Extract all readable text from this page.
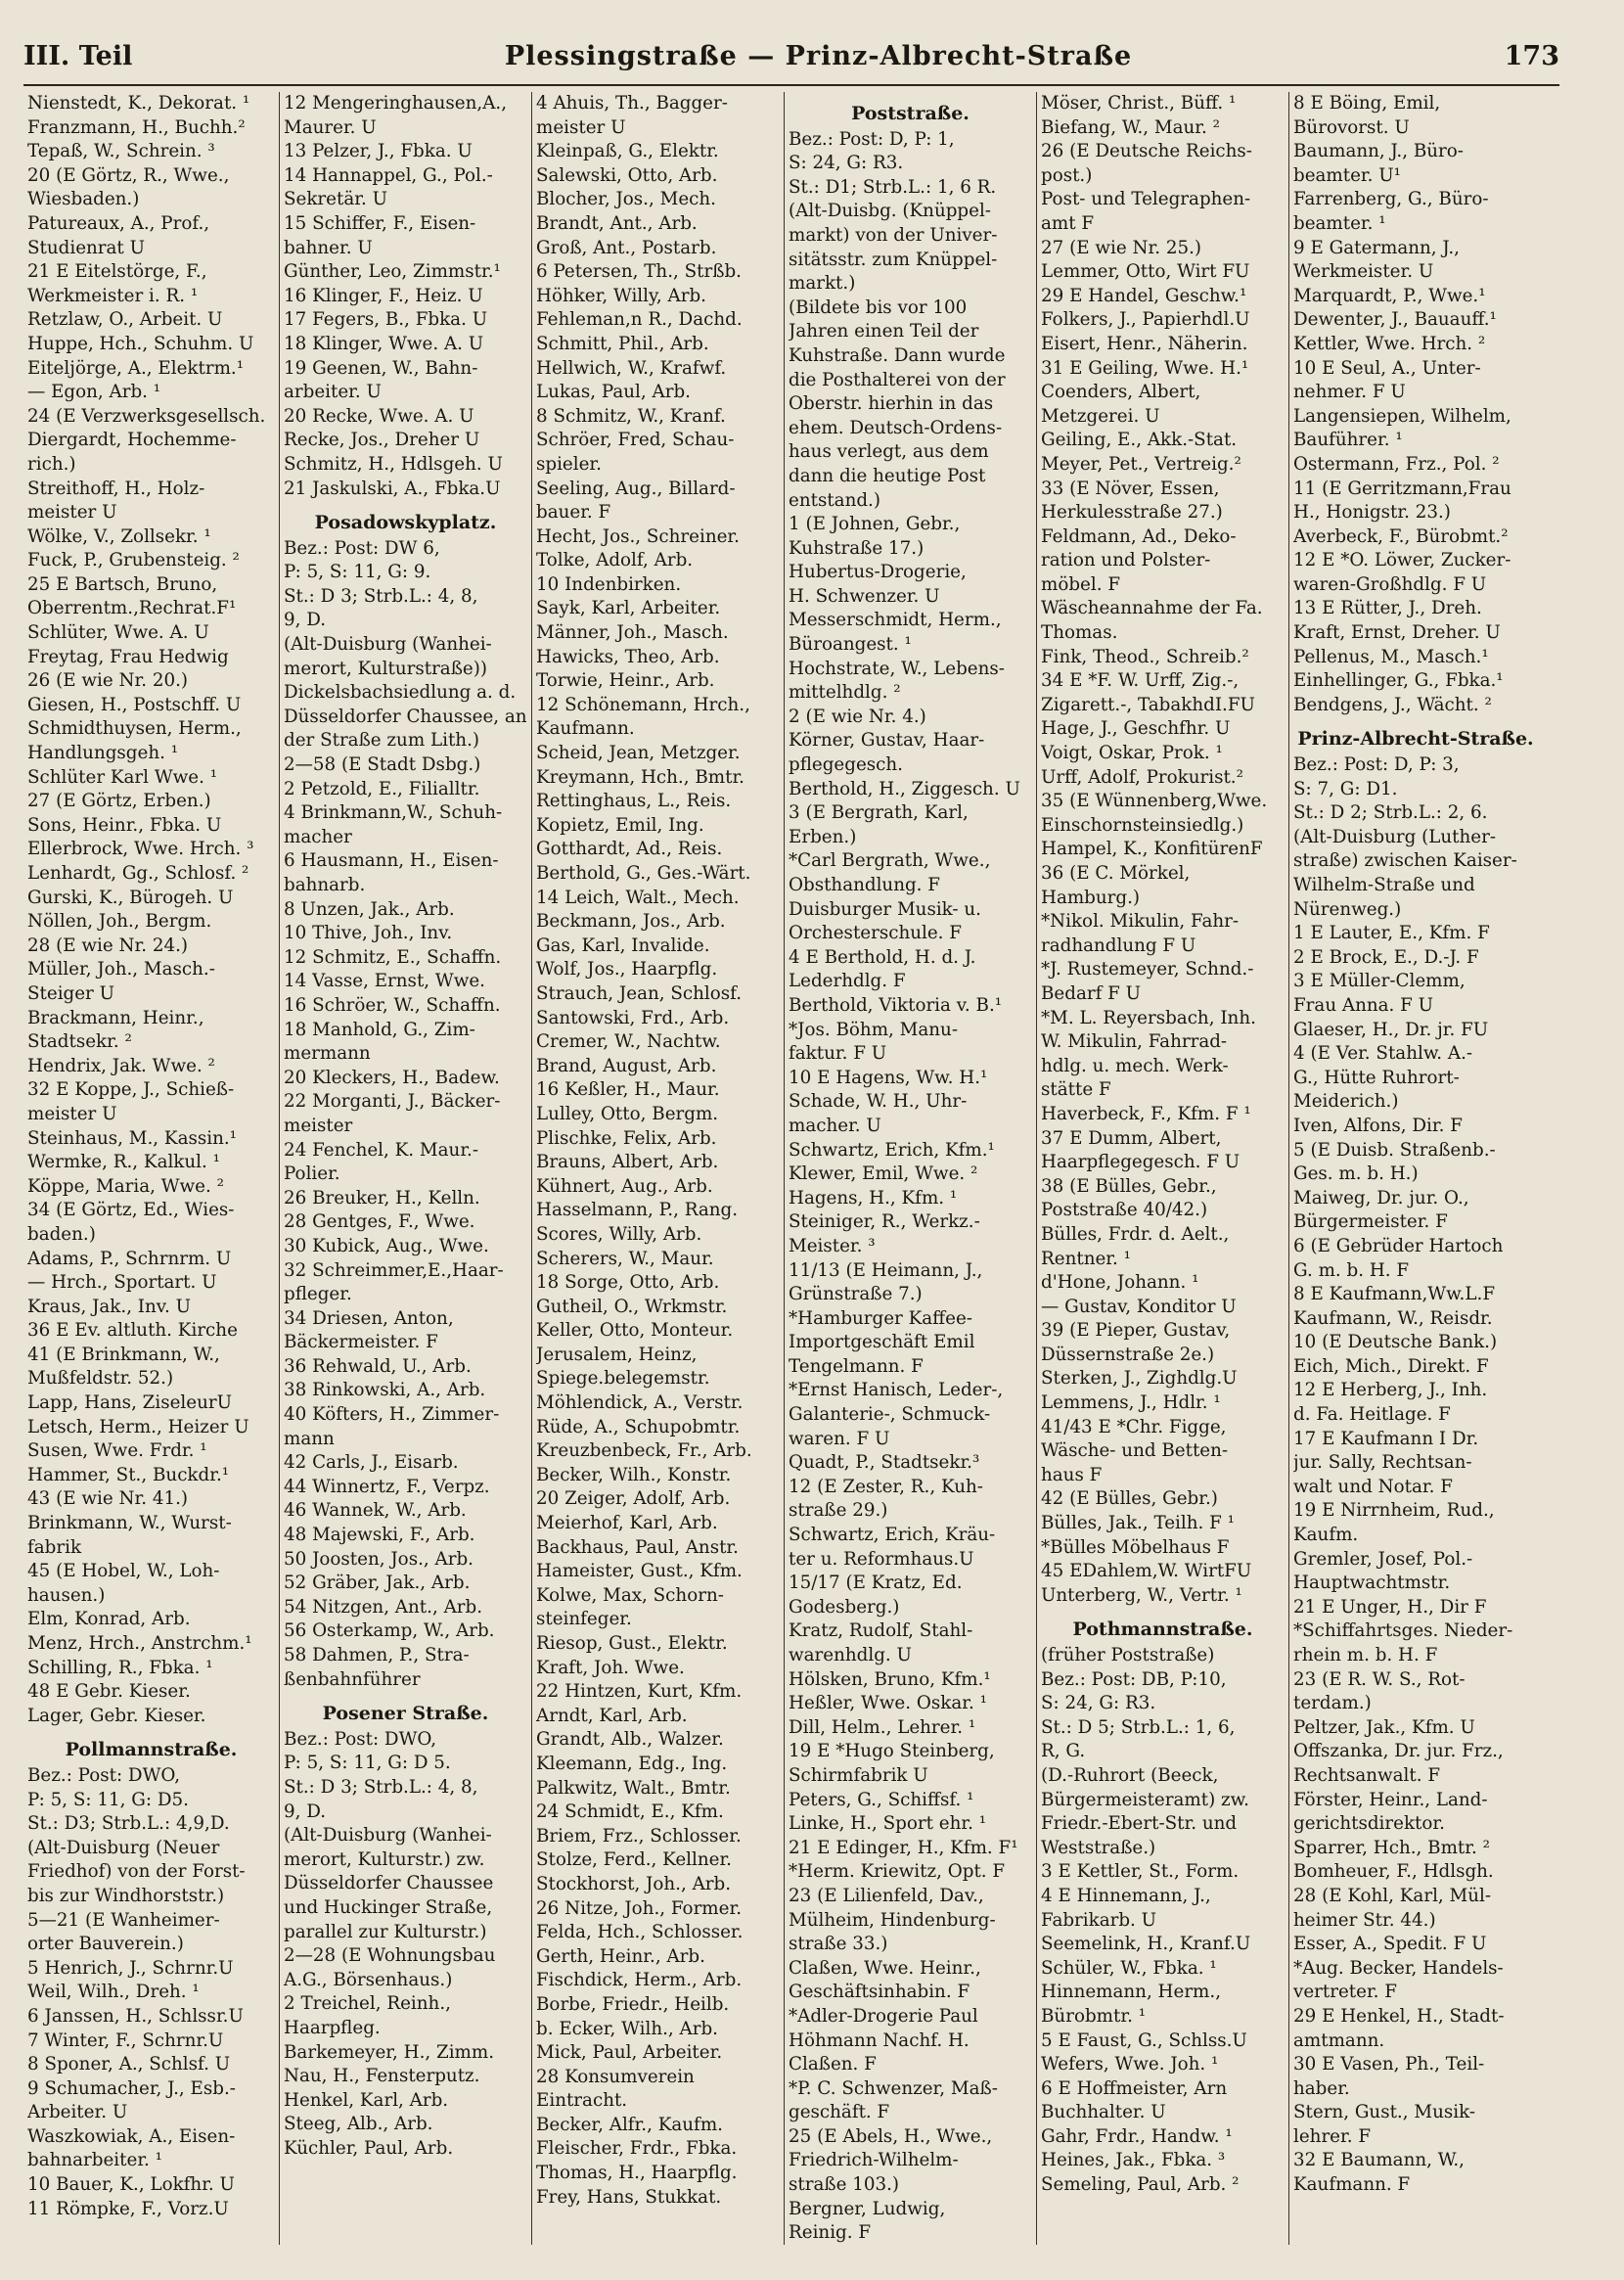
III. Teil	Plessingstraße — Prinz-Albrecht-Straße	173
Nienstedt, K., Dekorat. ¹
Franzmann, H., Buchh.²
Tepaß, W., Schrein. ³
20 (E Görtz, R., Wwe.,
Wiesbaden.)
Patureaux, A., Prof.,
Studienrat U
21 E Eitelstörge, F.,
Werkmeister i. R. ¹
Retzlaw, O., Arbeit. U
Huppe, Hch., Schuhm. U
Eiteljörge, A., Elektrm.¹
— Egon, Arb. ¹
24 (E Verzwerksgesellsch.
Diergardt, Hochemme-
rich.)
Streithoff, H., Holz-
meister U
Wölke, V., Zollsekr. ¹
Fuck, P., Grubensteig. ²
25 E Bartsch, Bruno,
Oberrentm.,Rechrat.F¹
Schlüter, Wwe. A. U
Freytag, Frau Hedwig
26 (E wie Nr. 20.)
Giesen, H., Postschff. U
Schmidthuysen, Herm.,
Handlungsgeh. ¹
Schlüter Karl Wwe. ¹
27 (E Görtz, Erben.)
Sons, Heinr., Fbka. U
Ellerbrock, Wwe. Hrch. ³
Lenhardt, Gg., Schlosf. ²
Gurski, K., Bürogeh. U
Nöllen, Joh., Bergm.
28 (E wie Nr. 24.)
Müller, Joh., Masch.-
Steiger U
Brackmann, Heinr.,
Stadtsekr. ²
Hendrix, Jak. Wwe. ²
32 E Koppe, J., Schieß-
meister U
Steinhaus, M., Kassin.¹
Wermke, R., Kalkul. ¹
Köppe, Maria, Wwe. ²
34 (E Görtz, Ed., Wies-
baden.)
Adams, P., Schrnrm. U
— Hrch., Sportart. U
Kraus, Jak., Inv. U
36 E Ev. altluth. Kirche
41 (E Brinkmann, W.,
Mußfeldstr. 52.)
Lapp, Hans, ZiseleurU
Letsch, Herm., Heizer U
Susen, Wwe. Frdr. ¹
Hammer, St., Buckdr.¹
43 (E wie Nr. 41.)
Brinkmann, W., Wurst-
fabrik
45 (E Hobel, W., Loh-
hausen.)
Elm, Konrad, Arb.
Menz, Hrch., Anstrchm.¹
Schilling, R., Fbka. ¹
48 E Gebr. Kieser.
Lager, Gebr. Kieser.
Pollmannstraße.
Bez.: Post: DWO,
P: 5, S: 11, G: D5.
St.: D3; Strb.L.: 4,9,D.
(Alt-Duisburg (Neuer
Friedhof) von der Forst-
bis zur Windhorststr.)
5—21 (E Wanheimer-
orter Bauverein.)
5 Henrich, J., Schrnr.U
Weil, Wilh., Dreh. ¹
6 Janssen, H., Schlssr.U
7 Winter, F., Schrnr.U
8 Sponer, A., Schlsf. U
9 Schumacher, J., Esb.-
Arbeiter. U
Waszkowiak, A., Eisen-
bahnarbeiter. ¹
10 Bauer, K., Lokfhr. U
11 Römpke, F., Vorz.U
12 Mengeringhausen,A.,
Maurer. U
13 Pelzer, J., Fbka. U
14 Hannappel, G., Pol.-
Sekretär. U
15 Schiffer, F., Eisen-
bahner. U
Günther, Leo, Zimmstr.¹
16 Klinger, F., Heiz. U
17 Fegers, B., Fbka. U
18 Klinger, Wwe. A. U
19 Geenen, W., Bahn-
arbeiter. U
20 Recke, Wwe. A. U
Recke, Jos., Dreher U
Schmitz, H., Hdlsgeh. U
21 Jaskulski, A., Fbka.U
Posadowskyplatz.
Bez.: Post: DW 6,
P: 5, S: 11, G: 9.
St.: D 3; Strb.L.: 4, 8,
9, D.
(Alt-Duisburg (Wanhei-
merort, Kulturstraße))
Dickelsbachsiedlung a. d.
Düsseldorfer Chaussee, an
der Straße zum Lith.)
2—58 (E Stadt Dsbg.)
2 Petzold, E., Filialltr.
4 Brinkmann,W., Schuh-
macher
6 Hausmann, H., Eisen-
bahnarb.
8 Unzen, Jak., Arb.
10 Thive, Joh., Inv.
12 Schmitz, E., Schaffn.
14 Vasse, Ernst, Wwe.
16 Schröer, W., Schaffn.
18 Manhold, G., Zim-
mermann
20 Kleckers, H., Badew.
22 Morganti, J., Bäcker-
meister
24 Fenchel, K. Maur.-
Polier.
26 Breuker, H., Kelln.
28 Gentges, F., Wwe.
30 Kubick, Aug., Wwe.
32 Schreimmer,E.,Haar-
pfleger.
34 Driesen, Anton,
Bäckermeister. F
36 Rehwald, U., Arb.
38 Rinkowski, A., Arb.
40 Köfters, H., Zimmer-
mann
42 Carls, J., Eisarb.
44 Winnertz, F., Verpz.
46 Wannek, W., Arb.
48 Majewski, F., Arb.
50 Joosten, Jos., Arb.
52 Gräber, Jak., Arb.
54 Nitzgen, Ant., Arb.
56 Osterkamp, W., Arb.
58 Dahmen, P., Stra-
ßenbahnführer
Posener Straße.
Bez.: Post: DWO,
P: 5, S: 11, G: D 5.
St.: D 3; Strb.L.: 4, 8,
9, D.
(Alt-Duisburg (Wanhei-
merort, Kulturstr.) zw.
Düsseldorfer Chaussee
und Huckinger Straße,
parallel zur Kulturstr.)
2—28 (E Wohnungsbau
A.G., Börsenhaus.)
2 Treichel, Reinh.,
Haarpfleg.
Barkemeyer, H., Zimm.
Nau, H., Fensterputz.
Henkel, Karl, Arb.
Steeg, Alb., Arb.
Küchler, Paul, Arb.
4 Ahuis, Th., Bagger-
meister U
Kleinpaß, G., Elektr.
Salewski, Otto, Arb.
Blocher, Jos., Mech.
Brandt, Ant., Arb.
Groß, Ant., Postarb.
6 Petersen, Th., Strßb.
Höhker, Willy, Arb.
Fehleman,n R., Dachd.
Schmitt, Phil., Arb.
Hellwich, W., Krafwf.
Lukas, Paul, Arb.
8 Schmitz, W., Kranf.
Schröer, Fred, Schau-
spieler.
Seeling, Aug., Billard-
bauer. F
Hecht, Jos., Schreiner.
Tolke, Adolf, Arb.
10 Indenbirken.
Sayk, Karl, Arbeiter.
Männer, Joh., Masch.
Hawicks, Theo, Arb.
Torwie, Heinr., Arb.
12 Schönemann, Hrch.,
Kaufmann.
Scheid, Jean, Metzger.
Kreymann, Hch., Bmtr.
Rettinghaus, L., Reis.
Kopietz, Emil, Ing.
Gotthardt, Ad., Reis.
Berthold, G., Ges.-Wärt.
14 Leich, Walt., Mech.
Beckmann, Jos., Arb.
Gas, Karl, Invalide.
Wolf, Jos., Haarpflg.
Strauch, Jean, Schlosf.
Santowski, Frd., Arb.
Cremer, W., Nachtw.
Brand, August, Arb.
16 Keßler, H., Maur.
Lulley, Otto, Bergm.
Plischke, Felix, Arb.
Brauns, Albert, Arb.
Kühnert, Aug., Arb.
Hasselmann, P., Rang.
Scores, Willy, Arb.
Scherers, W., Maur.
18 Sorge, Otto, Arb.
Gutheil, O., Wrkmstr.
Keller, Otto, Monteur.
Jerusalem, Heinz,
Spiege.belegemstr.
Möhlendick, A., Verstr.
Rüde, A., Schupobmtr.
Kreuzbenbeck, Fr., Arb.
Becker, Wilh., Konstr.
20 Zeiger, Adolf, Arb.
Meierhof, Karl, Arb.
Backhaus, Paul, Anstr.
Hameister, Gust., Kfm.
Kolwe, Max, Schorn-
steinfeger.
Riesop, Gust., Elektr.
Kraft, Joh. Wwe.
22 Hintzen, Kurt, Kfm.
Arndt, Karl, Arb.
Grandt, Alb., Walzer.
Kleemann, Edg., Ing.
Palkwitz, Walt., Bmtr.
24 Schmidt, E., Kfm.
Briem, Frz., Schlosser.
Stolze, Ferd., Kellner.
Stockhorst, Joh., Arb.
26 Nitze, Joh., Former.
Felda, Hch., Schlosser.
Gerth, Heinr., Arb.
Fischdick, Herm., Arb.
Borbe, Friedr., Heilb.
b. Ecker, Wilh., Arb.
Mick, Paul, Arbeiter.
28 Konsumverein
Eintracht.
Becker, Alfr., Kaufm.
Fleischer, Frdr., Fbka.
Thomas, H., Haarpflg.
Frey, Hans, Stukkat.
Poststraße.
Bez.: Post: D, P: 1,
S: 24, G: R3.
St.: D1; Strb.L.: 1, 6 R.
(Alt-Duisbg. (Knüppel-
markt) von der Univer-
sitätsstr. zum Knüppel-
markt.)
(Bildete bis vor 100
Jahren einen Teil der
Kuhstraße. Dann wurde
die Posthalterei von der
Oberstr. hierhin in das
ehem. Deutsch-Ordens-
haus verlegt, aus dem
dann die heutige Post
entstand.)
1 (E Johnen, Gebr.,
Kuhstraße 17.)
Hubertus-Drogerie,
H. Schwenzer. U
Messerschmidt, Herm.,
Büroangest. ¹
Hochstrate, W., Lebens-
mittelhdlg. ²
2 (E wie Nr. 4.)
Körner, Gustav, Haar-
pflegegesch.
Berthold, H., Ziggesch. U
3 (E Bergrath, Karl,
Erben.)
*Carl Bergrath, Wwe.,
Obsthandlung. F
Duisburger Musik- u.
Orchesterschule. F
4 E Berthold, H. d. J.
Lederhdlg. F
Berthold, Viktoria v. B.¹
*Jos. Böhm, Manu-
faktur. F U
10 E Hagens, Ww. H.¹
Schade, W. H., Uhr-
macher. U
Schwartz, Erich, Kfm.¹
Klewer, Emil, Wwe. ²
Hagens, H., Kfm. ¹
Steiniger, R., Werkz.-
Meister. ³
11/13 (E Heimann, J.,
Grünstraße 7.)
*Hamburger Kaffee-
Importgeschäft Emil
Tengelmann. F
*Ernst Hanisch, Leder-,
Galanterie-, Schmuck-
waren. F U
Quadt, P., Stadtsekr.³
12 (E Zester, R., Kuh-
straße 29.)
Schwartz, Erich, Kräu-
ter u. Reformhaus.U
15/17 (E Kratz, Ed.
Godesberg.)
Kratz, Rudolf, Stahl-
warenhdlg. U
Hölsken, Bruno, Kfm.¹
Heßler, Wwe. Oskar. ¹
Dill, Helm., Lehrer. ¹
19 E *Hugo Steinberg,
Schirmfabrik U
Peters, G., Schiffsf. ¹
Linke, H., Sport ehr. ¹
21 E Edinger, H., Kfm. F¹
*Herm. Kriewitz, Opt. F
23 (E Lilienfeld, Dav.,
Mülheim, Hindenburg-
straße 33.)
Claßen, Wwe. Heinr.,
Geschäftsinhabin. F
*Adler-Drogerie Paul
Höhmann Nachf. H.
Claßen. F
*P. C. Schwenzer, Maß-
geschäft. F
25 (E Abels, H., Wwe.,
Friedrich-Wilhelm-
straße 103.)
Bergner, Ludwig,
Reinig. F
Möser, Christ., Büff. ¹
Biefang, W., Maur. ²
26 (E Deutsche Reichs-
post.)
Post- und Telegraphen-
amt F
27 (E wie Nr. 25.)
Lemmer, Otto, Wirt FU
29 E Handel, Geschw.¹
Folkers, J., Papierhdl.U
Eisert, Henr., Näherin.
31 E Geiling, Wwe. H.¹
Coenders, Albert,
Metzgerei. U
Geiling, E., Akk.-Stat.
Meyer, Pet., Vertreig.²
33 (E Növer, Essen,
Herkulesstraße 27.)
Feldmann, Ad., Deko-
ration und Polster-
möbel. F
Wäscheannahme der Fa.
Thomas.
Fink, Theod., Schreib.²
34 E *F. W. Urff, Zig.-,
Zigarett.-, TabakhdI.FU
Hage, J., Geschfhr. U
Voigt, Oskar, Prok. ¹
Urff, Adolf, Prokurist.²
35 (E Wünnenberg,Wwe.
Einschornsteinsiedlg.)
Hampel, K., KonfitürenF
36 (E C. Mörkel,
Hamburg.)
*Nikol. Mikulin, Fahr-
radhandlung F U
*J. Rustemeyer, Schnd.-
Bedarf F U
*M. L. Reyersbach, Inh.
W. Mikulin, Fahrrad-
hdlg. u. mech. Werk-
stätte F
Haverbeck, F., Kfm. F ¹
37 E Dumm, Albert,
Haarpflegegesch. F U
38 (E Bülles, Gebr.,
Poststraße 40/42.)
Bülles, Frdr. d. Aelt.,
Rentner. ¹
d'Hone, Johann. ¹
— Gustav, Konditor U
39 (E Pieper, Gustav,
Düssernstraße 2e.)
Sterken, J., Zighdlg.U
Lemmens, J., Hdlr. ¹
41/43 E *Chr. Figge,
Wäsche- und Betten-
haus F
42 (E Bülles, Gebr.)
Bülles, Jak., Teilh. F ¹
*Bülles Möbelhaus F
45 EDahlem,W. WirtFU
Unterberg, W., Vertr. ¹
Pothmannstraße.
(früher Poststraße)
Bez.: Post: DB, P:10,
S: 24, G: R3.
St.: D 5; Strb.L.: 1, 6,
R, G.
(D.-Ruhrort (Beeck,
Bürgermeisteramt) zw.
Friedr.-Ebert-Str. und
Weststraße.)
3 E Kettler, St., Form.
4 E Hinnemann, J.,
Fabrikarb. U
Seemelink, H., Kranf.U
Schüler, W., Fbka. ¹
Hinnemann, Herm.,
Bürobmtr. ¹
5 E Faust, G., Schlss.U
Wefers, Wwe. Joh. ¹
6 E Hoffmeister, Arn
Buchhalter. U
Gahr, Frdr., Handw. ¹
Heines, Jak., Fbka. ³
Semeling, Paul, Arb. ²
8 E Böing, Emil,
Bürovorst. U
Baumann, J., Büro-
beamter. U¹
Farrenberg, G., Büro-
beamter. ¹
9 E Gatermann, J.,
Werkmeister. U
Marquardt, P., Wwe.¹
Dewenter, J., Bauauff.¹
Kettler, Wwe. Hrch. ²
10 E Seul, A., Unter-
nehmer. F U
Langensiepen, Wilhelm,
Bauführer. ¹
Ostermann, Frz., Pol. ²
11 (E Gerritzmann,Frau
H., Honigstr. 23.)
Averbeck, F., Bürobmt.²
12 E *O. Löwer, Zucker-
waren-Großhdlg. F U
13 E Rütter, J., Dreh.
Kraft, Ernst, Dreher. U
Pellenus, M., Masch.¹
Einhellinger, G., Fbka.¹
Bendgens, J., Wächt. ²
Prinz-Albrecht-Straße.
Bez.: Post: D, P: 3,
S: 7, G: D1.
St.: D 2; Strb.L.: 2, 6.
(Alt-Duisburg (Luther-
straße) zwischen Kaiser-
Wilhelm-Straße und
Nürenweg.)
1 E Lauter, E., Kfm. F
2 E Brock, E., D.-J. F
3 E Müller-Clemm,
Frau Anna. F U
Glaeser, H., Dr. jr. FU
4 (E Ver. Stahlw. A.-
G., Hütte Ruhrort-
Meiderich.)
Iven, Alfons, Dir. F
5 (E Duisb. Straßenb.-
Ges. m. b. H.)
Maiweg, Dr. jur. O.,
Bürgermeister. F
6 (E Gebrüder Hartoch
G. m. b. H. F
8 E Kaufmann,Ww.L.F
Kaufmann, W., Reisdr.
10 (E Deutsche Bank.)
Eich, Mich., Direkt. F
12 E Herberg, J., Inh.
d. Fa. Heitlage. F
17 E Kaufmann I Dr.
jur. Sally, Rechtsan-
walt und Notar. F
19 E Nirrnheim, Rud.,
Kaufm.
Gremler, Josef, Pol.-
Hauptwachtmstr.
21 E Unger, H., Dir F
*Schiffahrtsges. Nieder-
rhein m. b. H. F
23 (E R. W. S., Rot-
terdam.)
Peltzer, Jak., Kfm. U
Offszanka, Dr. jur. Frz.,
Rechtsanwalt. F
Förster, Heinr., Land-
gerichtsdirektor.
Sparrer, Hch., Bmtr. ²
Bomheuer, F., Hdlsgh.
28 (E Kohl, Karl, Mül-
heimer Str. 44.)
Esser, A., Spedit. F U
*Aug. Becker, Handels-
vertreter. F
29 E Henkel, H., Stadt-
amtmann.
30 E Vasen, Ph., Teil-
haber.
Stern, Gust., Musik-
lehrer. F
32 E Baumann, W.,
Kaufmann. F
